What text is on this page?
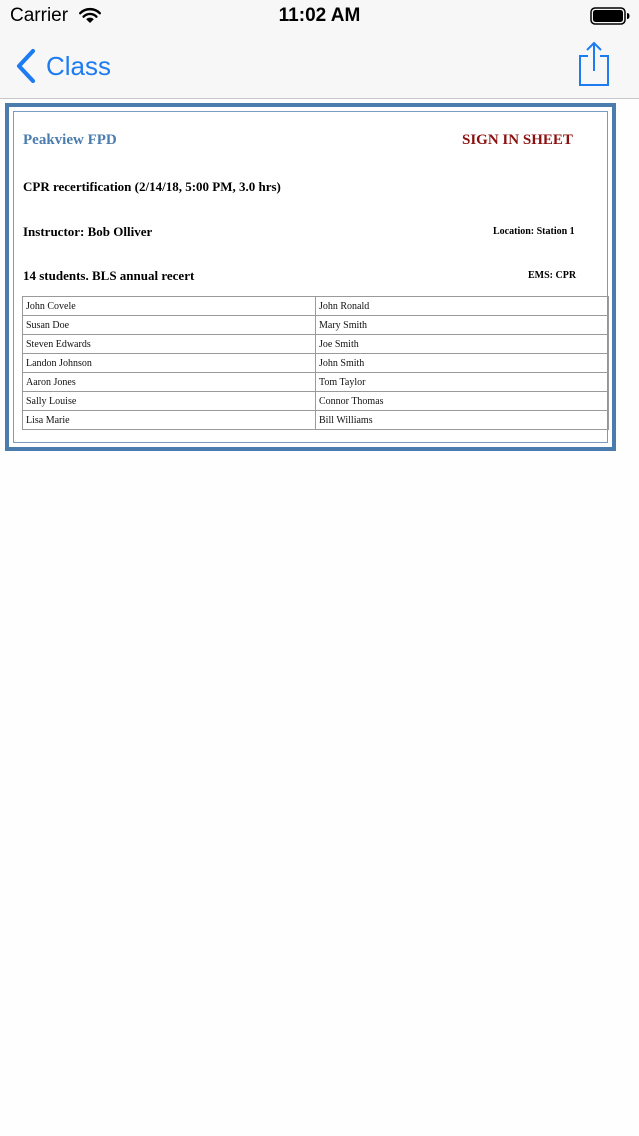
Carrier	11:02 AM
Class
Peakview FPD	SIGN IN SHEET
CPR recertification (2/14/18, 5:00 PM, 3.0 hrs)
Instructor: Bob Olliver	Location: Station 1
14 students. BLS annual recert	EMS: CPR
John Covele	John Ronald
Susan Doe	Mary Smith
Steven Edwards	Joe Smith
Landon Johnson	John Smith
Aaron Jones	Tom Taylor
Sally Louise	Connor Thomas
Lisa Marie	Bill Williams
